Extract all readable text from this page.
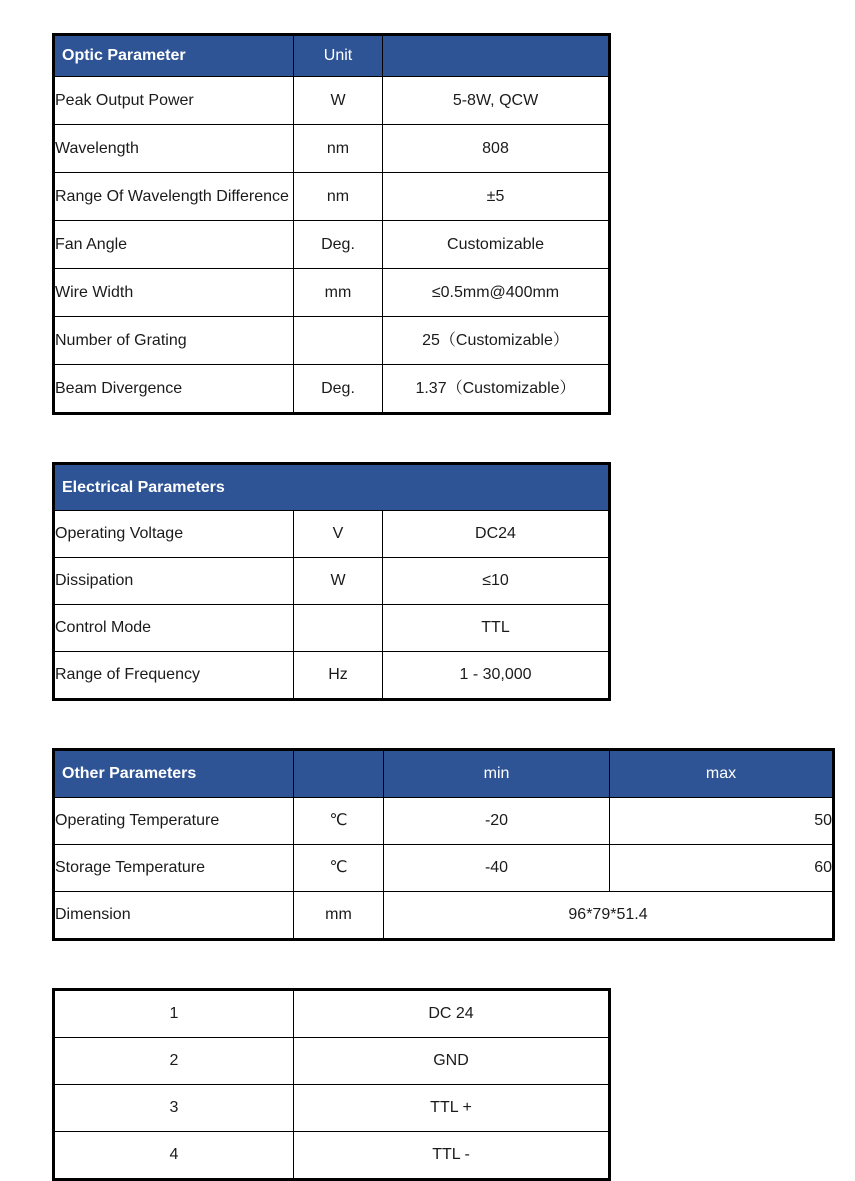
Optic Parameter	Unit	
Peak Output Power	W	5-8W, QCW
Wavelength	nm	808
Range Of Wavelength Difference	nm	±5
Fan Angle	Deg.	Customizable
Wire Width	mm	≤0.5mm@400mm
Number of Grating		25（Customizable）
Beam Divergence	Deg.	1.37（Customizable）
Electrical Parameters		
Operating Voltage	V	DC24
Dissipation	W	≤10
Control Mode		TTL
Range of Frequency	Hz	1 - 30,000
Other Parameters		min	max
Operating Temperature	℃	-20	50
Storage Temperature	℃	-40	60
Dimension	mm	96*79*51.4	
1	DC 24
2	GND
3	TTL +
4	TTL -
